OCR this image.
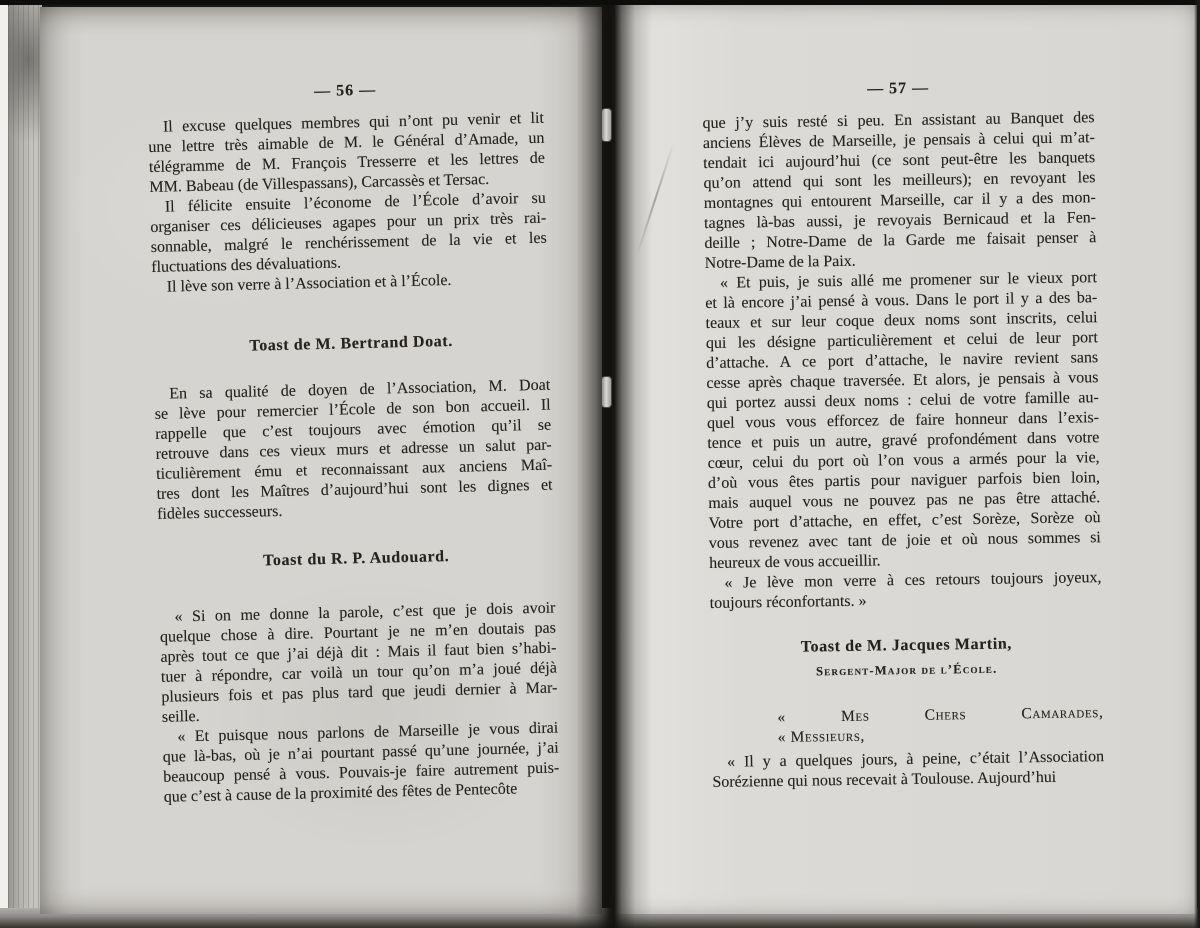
— 56 —
Il excuse quelques membres qui n’ont pu venir et lit
une lettre très aimable de M. le Général d’Amade, un
télégramme de M. François Tresserre et les lettres de
MM. Babeau (de Villespassans), Carcassès et Tersac.
Il félicite ensuite l’économe de l’École d’avoir su
organiser ces délicieuses agapes pour un prix très rai-
sonnable, malgré le renchérissement de la vie et les
fluctuations des dévaluations.
Il lève son verre à l’Association et à l’École.
Toast de M. Bertrand Doat.
En sa qualité de doyen de l’Association, M. Doat
se lève pour remercier l’École de son bon accueil. Il
rappelle que c’est toujours avec émotion qu’il se
retrouve dans ces vieux murs et adresse un salut par-
ticulièrement ému et reconnaissant aux anciens Maî-
tres dont les Maîtres d’aujourd’hui sont les dignes et
fidèles successeurs.
Toast du R. P. Audouard.
« Si on me donne la parole, c’est que je dois avoir
quelque chose à dire. Pourtant je ne m’en doutais pas
après tout ce que j’ai déjà dit : Mais il faut bien s’habi-
tuer à répondre, car voilà un tour qu’on m’a joué déjà
plusieurs fois et pas plus tard que jeudi dernier à Mar-
seille.
« Et puisque nous parlons de Marseille je vous dirai
que là-bas, où je n’ai pourtant passé qu’une journée, j’ai
beaucoup pensé à vous. Pouvais-je faire autrement puis-
que c’est à cause de la proximité des fêtes de Pentecôte
— 57 —
que j’y suis resté si peu. En assistant au Banquet des
anciens Élèves de Marseille, je pensais à celui qui m’at-
tendait ici aujourd’hui (ce sont peut-être les banquets
qu’on attend qui sont les meilleurs); en revoyant les
montagnes qui entourent Marseille, car il y a des mon-
tagnes là-bas aussi, je revoyais Bernicaud et la Fen-
deille ; Notre-Dame de la Garde me faisait penser à
Notre-Dame de la Paix.
« Et puis, je suis allé me promener sur le vieux port
et là encore j’ai pensé à vous. Dans le port il y a des ba-
teaux et sur leur coque deux noms sont inscrits, celui
qui les désigne particulièrement et celui de leur port
d’attache. A ce port d’attache, le navire revient sans
cesse après chaque traversée. Et alors, je pensais à vous
qui portez aussi deux noms : celui de votre famille au-
quel vous vous efforcez de faire honneur dans l’exis-
tence et puis un autre, gravé profondément dans votre
cœur, celui du port où l’on vous a armés pour la vie,
d’où vous êtes partis pour naviguer parfois bien loin,
mais auquel vous ne pouvez pas ne pas être attaché.
Votre port d’attache, en effet, c’est Sorèze, Sorèze où
vous revenez avec tant de joie et où nous sommes si
heureux de vous accueillir.
« Je lève mon verre à ces retours toujours joyeux,
toujours réconfortants. »
Toast de M. Jacques Martin,
Sergent-Major de l’École.
« Mes Chers Camarades,
« Messieurs,
« Il y a quelques jours, à peine, c’était l’Association
Sorézienne qui nous recevait à Toulouse. Aujourd’hui
